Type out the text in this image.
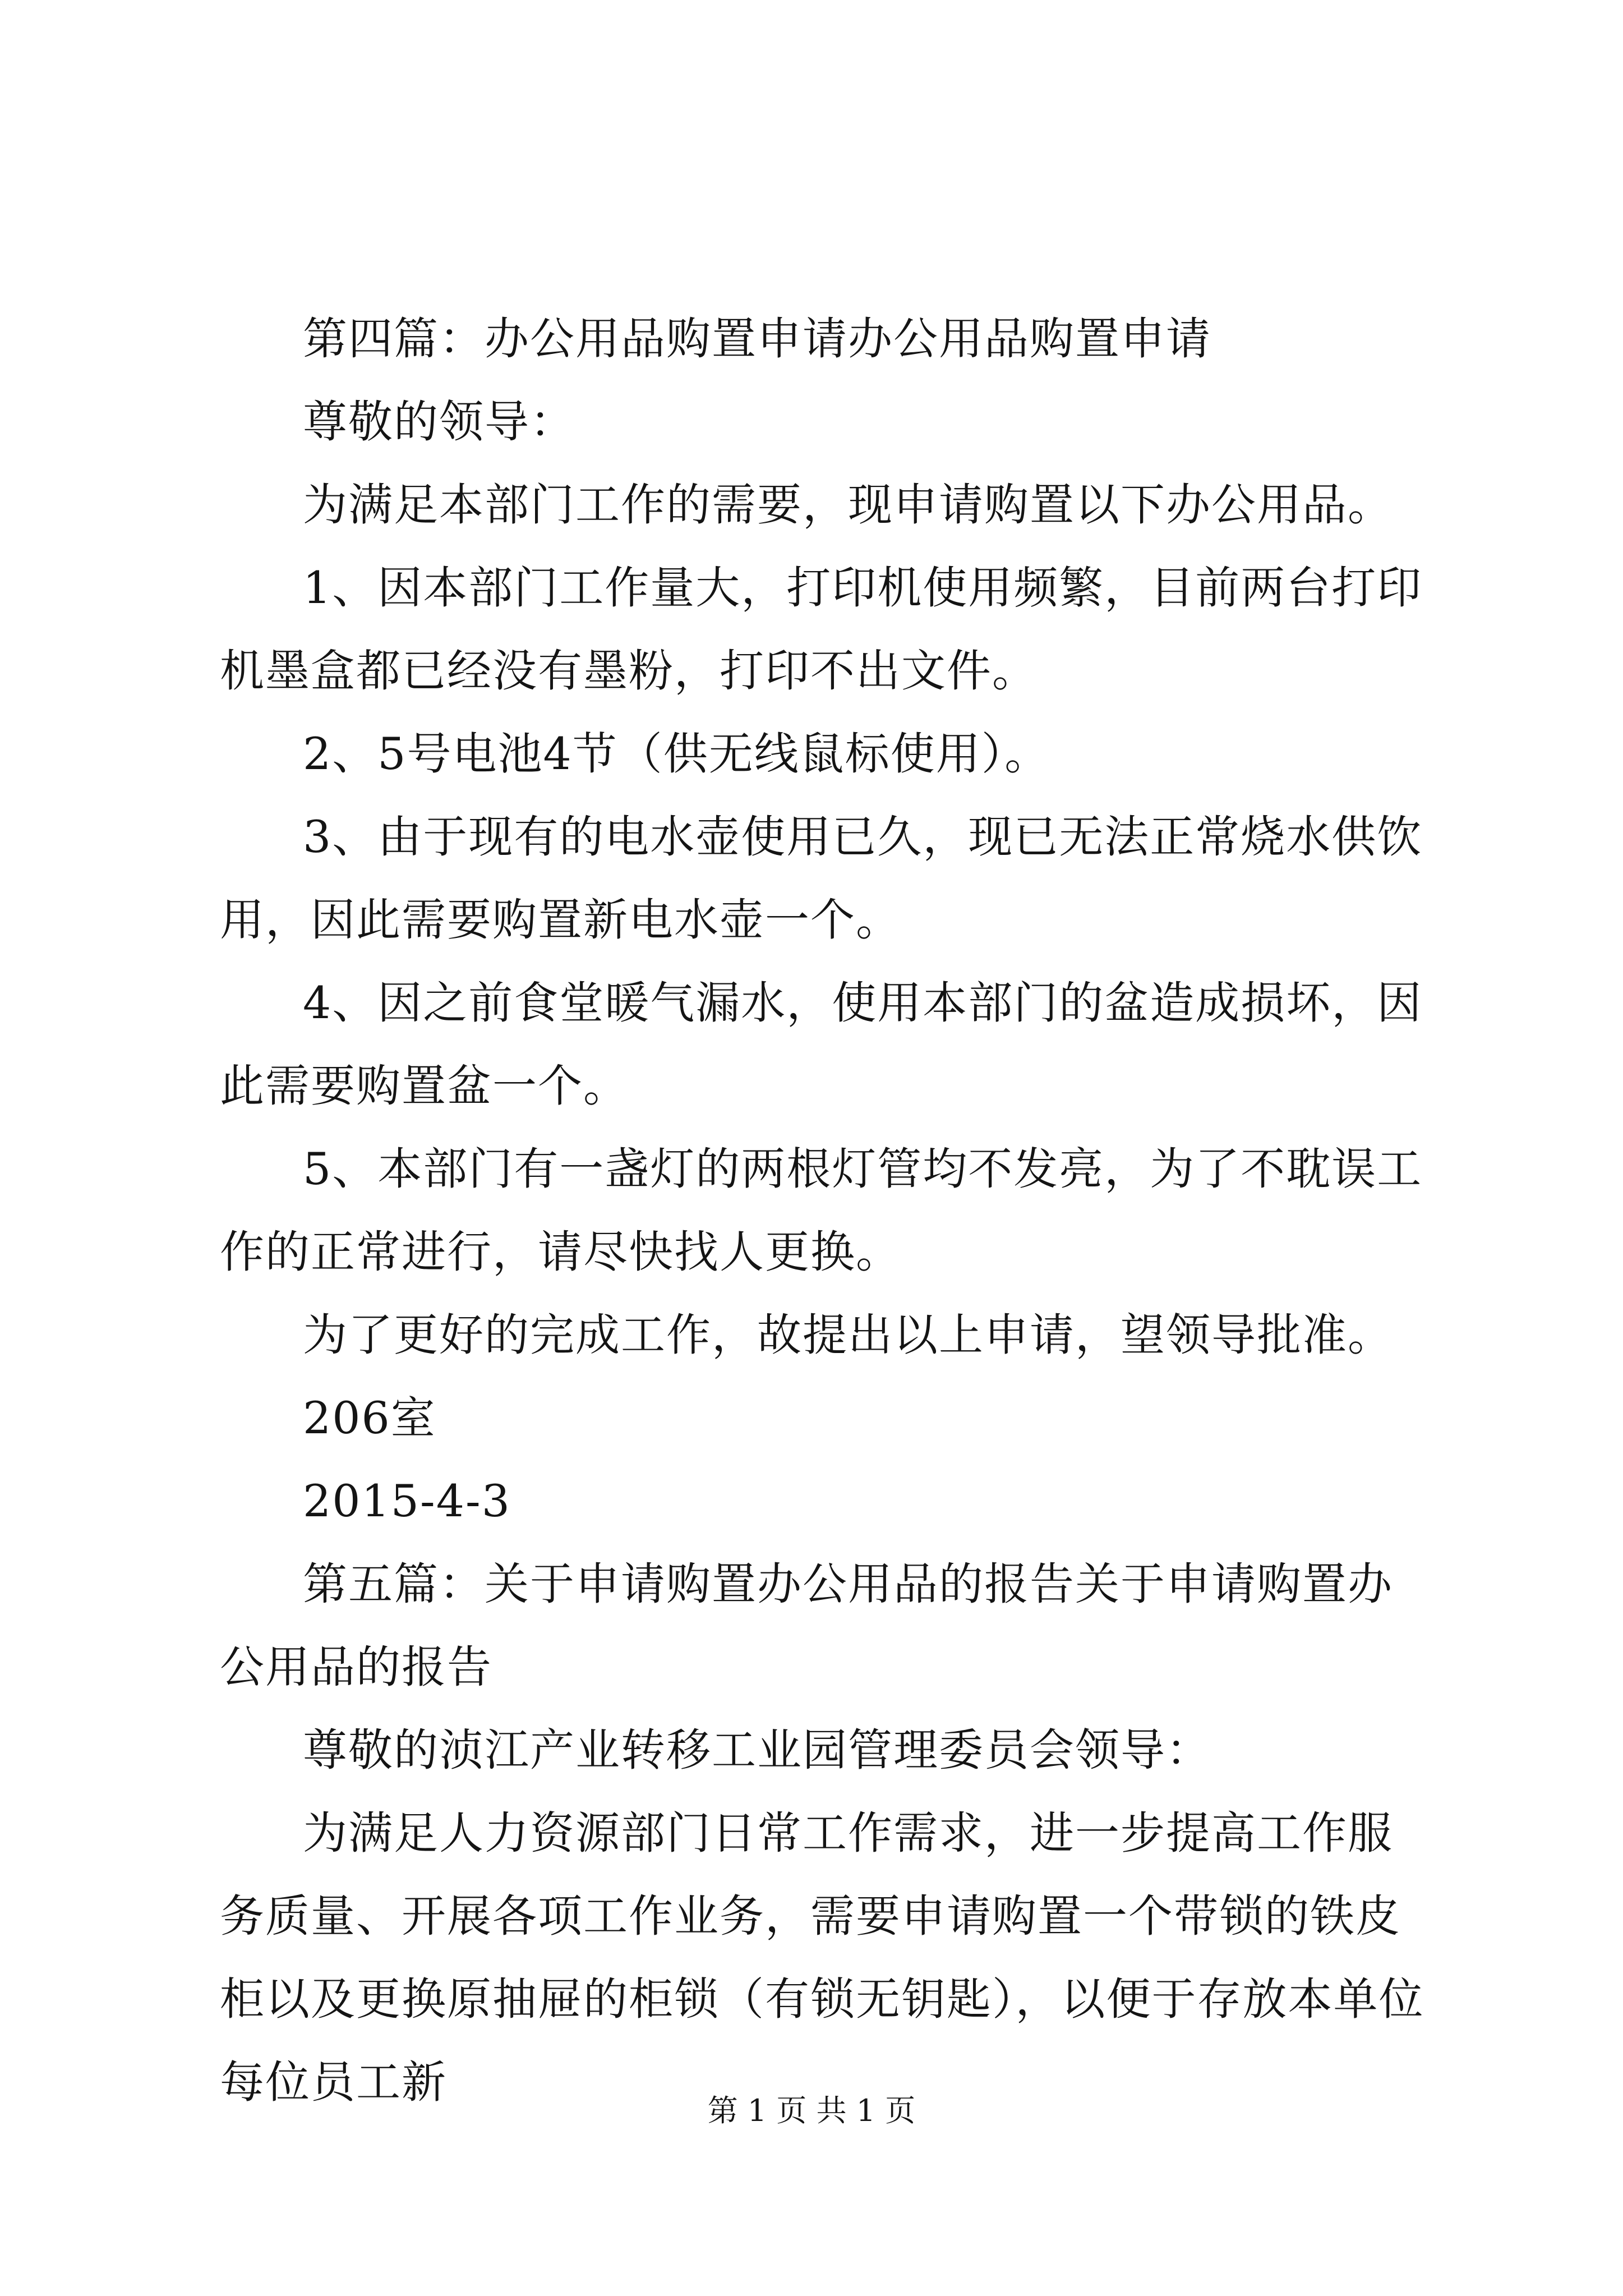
第四篇：办公用品购置申请办公用品购置申请

尊敬的领导：

为满足本部门工作的需要，现申请购置以下办公用品。

1、因本部门工作量大，打印机使用频繁，目前两台打印机墨盒都已经没有墨粉，打印不出文件。

2、5号电池4节（供无线鼠标使用）。

3、由于现有的电水壶使用已久，现已无法正常烧水供饮用，因此需要购置新电水壶一个。

4、因之前食堂暖气漏水，使用本部门的盆造成损坏，因此需要购置盆一个。

5、本部门有一盏灯的两根灯管均不发亮，为了不耽误工作的正常进行，请尽快找人更换。

为了更好的完成工作，故提出以上申请，望领导批准。

206室

2015-4-3

第五篇：关于申请购置办公用品的报告关于申请购置办公用品的报告

尊敬的浈江产业转移工业园管理委员会领导：

为满足人力资源部门日常工作需求，进一步提高工作服务质量、开展各项工作业务，需要申请购置一个带锁的铁皮柜以及更换原抽屉的柜锁（有锁无钥匙），以便于存放本单位每位员工新

第 1 页 共 1 页
